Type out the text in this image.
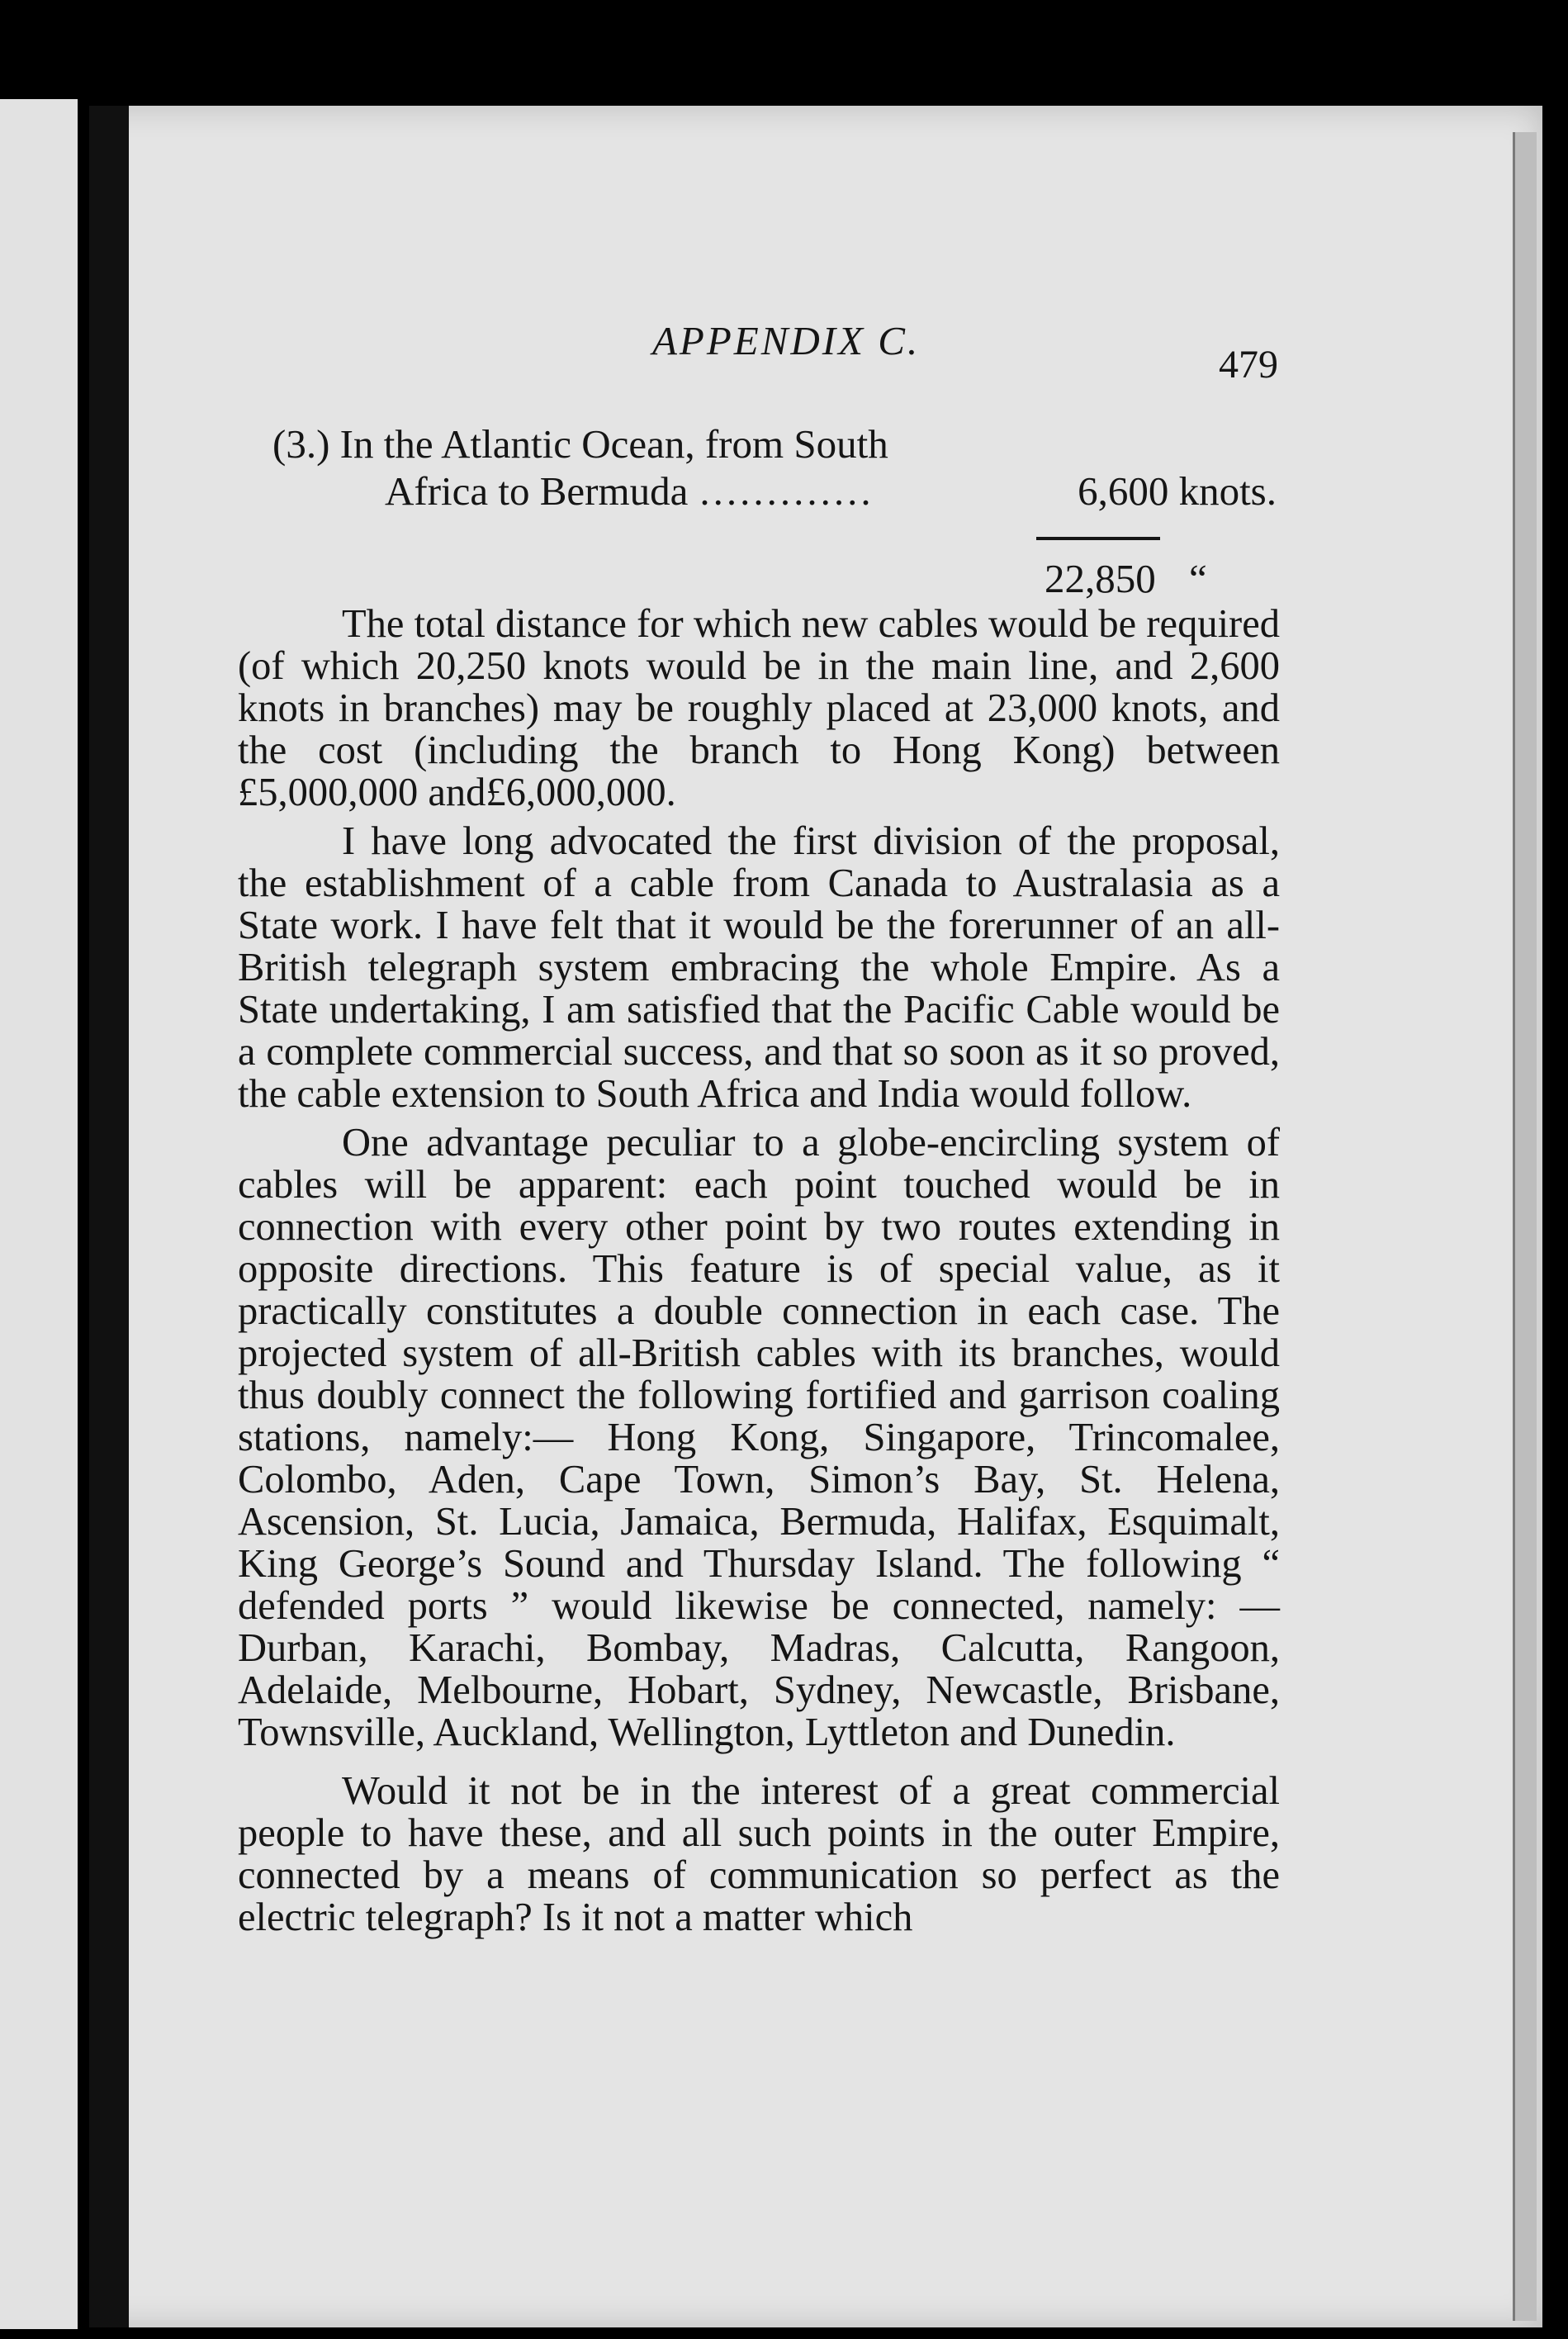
APPENDIX C.
479
(3.) In the Atlantic Ocean, from South
Africa to Bermuda .............	6,600 knots.
22,850 “

The total distance for which new cables would be required (of which 20,250 knots would be in the main line, and 2,600 knots in branches) may be roughly placed at 23,000 knots, and the cost (including the branch to Hong Kong) between £5,000,000 and£6,000,000.

I have long advocated the first division of the proposal, the establishment of a cable from Canada to Australasia as a State work. I have felt that it would be the forerunner of an all-British telegraph system embracing the whole Empire. As a State undertaking, I am satisfied that the Pacific Cable would be a complete commercial success, and that so soon as it so proved, the cable extension to South Africa and India would follow.

One advantage peculiar to a globe-encircling system of cables will be apparent: each point touched would be in connection with every other point by two routes extending in opposite directions. This feature is of special value, as it practically constitutes a double connection in each case. The projected system of all-British cables with its branches, would thus doubly connect the following fortified and garrison coaling stations, namely:— Hong Kong, Singapore, Trincomalee, Colombo, Aden, Cape Town, Simon’s Bay, St. Helena, Ascension, St. Lucia, Jamaica, Bermuda, Halifax, Esquimalt, King George’s Sound and Thursday Island. The following “ defended ports ” would likewise be connected, namely: —Durban, Karachi, Bombay, Madras, Calcutta, Rangoon, Adelaide, Melbourne, Hobart, Sydney, Newcastle, Brisbane, Townsville, Auckland, Wellington, Lyttleton and Dunedin.

Would it not be in the interest of a great commercial people to have these, and all such points in the outer Empire, connected by a means of communication so perfect as the electric telegraph? Is it not a matter which
